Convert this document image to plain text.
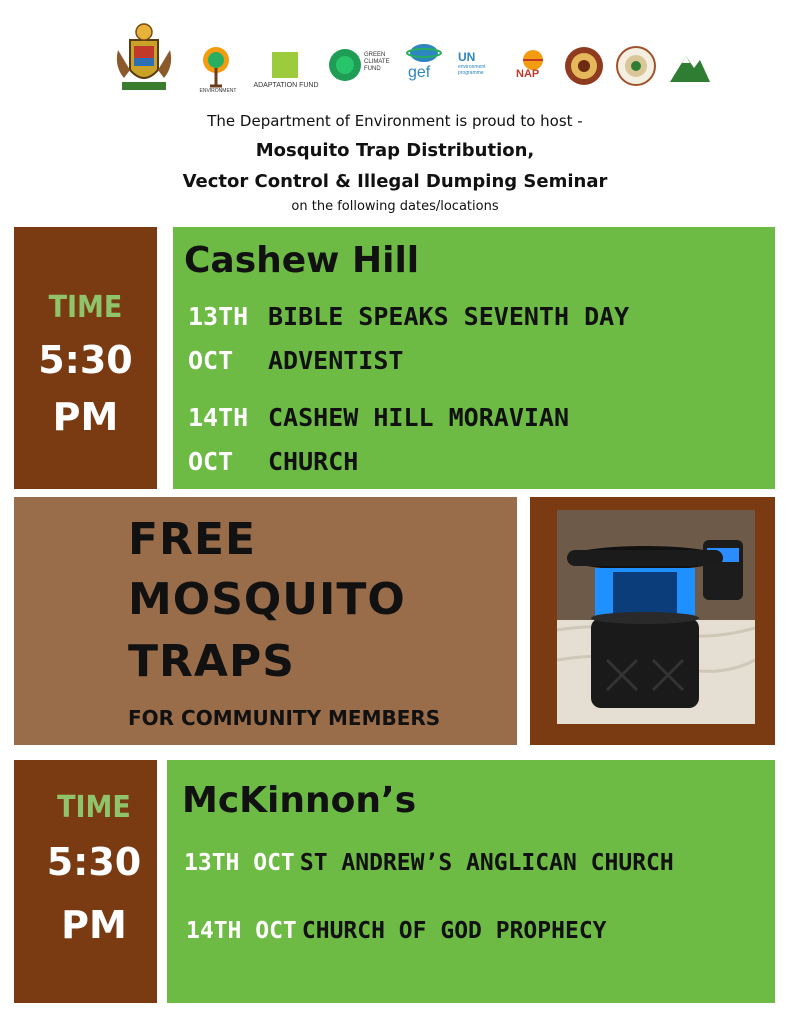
ENVIRONMENT
ADAPTATION FUND
GREEN
CLIMATE
FUND	gef
UN
environment
programme	NAP
The Department of Environment is proud to host -
Mosquito Trap Distribution,
Vector Control & Illegal Dumping Seminar
on the following dates/locations
TIME
5:30
PM
Cashew Hill
13TH
OCT
BIBLE SPEAKS SEVENTH DAY
ADVENTIST
14TH
OCT
CASHEW HILL MORAVIAN
CHURCH
FREE
MOSQUITO
TRAPS
FOR COMMUNITY MEMBERS
TIME
5:30
PM
McKinnon’s
13TH OCT ST ANDREW’S ANGLICAN CHURCH
14TH OCT CHURCH OF GOD PROPHECY
